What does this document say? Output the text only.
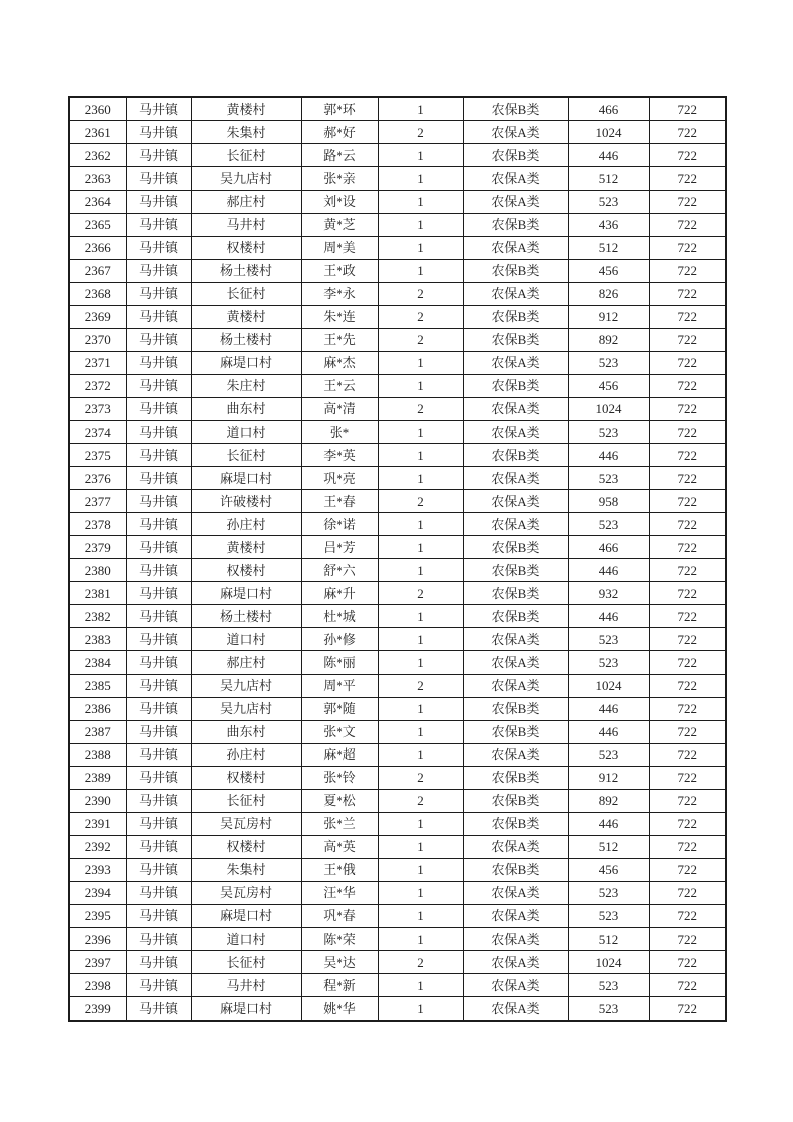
2360	马井镇	黄楼村	郭*环	1	农保B类	466	722
2361	马井镇	朱集村	郝*好	2	农保A类	1024	722
2362	马井镇	长征村	路*云	1	农保B类	446	722
2363	马井镇	吴九店村	张*亲	1	农保A类	512	722
2364	马井镇	郝庄村	刘*设	1	农保A类	523	722
2365	马井镇	马井村	黄*芝	1	农保B类	436	722
2366	马井镇	权楼村	周*美	1	农保A类	512	722
2367	马井镇	杨土楼村	王*政	1	农保B类	456	722
2368	马井镇	长征村	李*永	2	农保A类	826	722
2369	马井镇	黄楼村	朱*连	2	农保B类	912	722
2370	马井镇	杨土楼村	王*先	2	农保B类	892	722
2371	马井镇	麻堤口村	麻*杰	1	农保A类	523	722
2372	马井镇	朱庄村	王*云	1	农保B类	456	722
2373	马井镇	曲东村	高*清	2	农保A类	1024	722
2374	马井镇	道口村	张*	1	农保A类	523	722
2375	马井镇	长征村	李*英	1	农保B类	446	722
2376	马井镇	麻堤口村	巩*亮	1	农保A类	523	722
2377	马井镇	许破楼村	王*春	2	农保A类	958	722
2378	马井镇	孙庄村	徐*诺	1	农保A类	523	722
2379	马井镇	黄楼村	吕*芳	1	农保B类	466	722
2380	马井镇	权楼村	舒*六	1	农保B类	446	722
2381	马井镇	麻堤口村	麻*升	2	农保B类	932	722
2382	马井镇	杨土楼村	杜*城	1	农保B类	446	722
2383	马井镇	道口村	孙*修	1	农保A类	523	722
2384	马井镇	郝庄村	陈*丽	1	农保A类	523	722
2385	马井镇	吴九店村	周*平	2	农保A类	1024	722
2386	马井镇	吴九店村	郭*随	1	农保B类	446	722
2387	马井镇	曲东村	张*文	1	农保B类	446	722
2388	马井镇	孙庄村	麻*超	1	农保A类	523	722
2389	马井镇	权楼村	张*铃	2	农保B类	912	722
2390	马井镇	长征村	夏*松	2	农保B类	892	722
2391	马井镇	吴瓦房村	张*兰	1	农保B类	446	722
2392	马井镇	权楼村	高*英	1	农保A类	512	722
2393	马井镇	朱集村	王*俄	1	农保B类	456	722
2394	马井镇	吴瓦房村	汪*华	1	农保A类	523	722
2395	马井镇	麻堤口村	巩*春	1	农保A类	523	722
2396	马井镇	道口村	陈*荣	1	农保A类	512	722
2397	马井镇	长征村	吴*达	2	农保A类	1024	722
2398	马井镇	马井村	程*新	1	农保A类	523	722
2399	马井镇	麻堤口村	姚*华	1	农保A类	523	722
